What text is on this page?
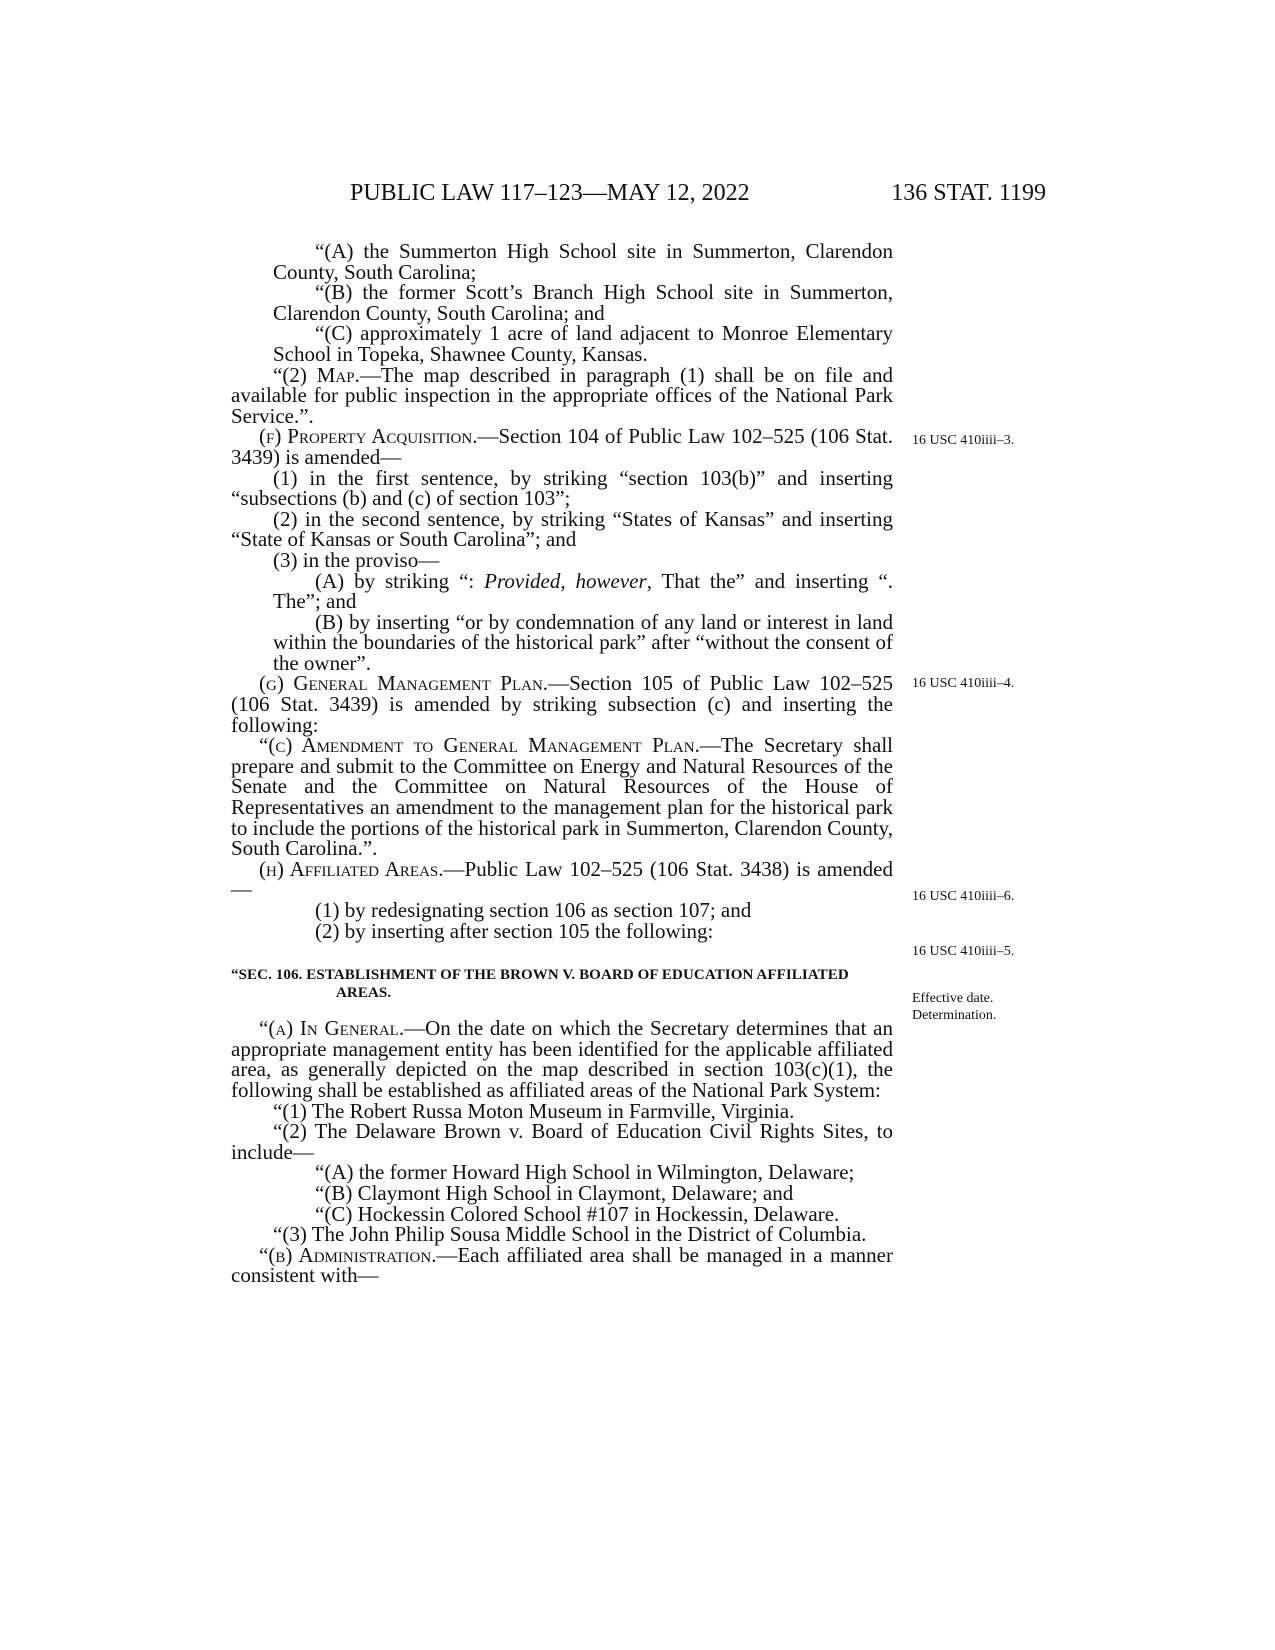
PUBLIC LAW 117–123—MAY 12, 2022	136 STAT. 1199

“(A) the Summerton High School site in Summerton, Clarendon County, South Carolina;

“(B) the former Scott’s Branch High School site in Summerton, Clarendon County, South Carolina; and

“(C) approximately 1 acre of land adjacent to Monroe Elementary School in Topeka, Shawnee County, Kansas.

“(2) Map.—The map described in paragraph (1) shall be on file and available for public inspection in the appropriate offices of the National Park Service.”.

(f) Property Acquisition.—Section 104 of Public Law 102–525 (106 Stat. 3439) is amended—

(1) in the first sentence, by striking “section 103(b)” and inserting “subsections (b) and (c) of section 103”;

(2) in the second sentence, by striking “States of Kansas” and inserting “State of Kansas or South Carolina”; and

(3) in the proviso—

(A) by striking “: Provided, however, That the” and inserting “. The”; and

(B) by inserting “or by condemnation of any land or interest in land within the boundaries of the historical park” after “without the consent of the owner”.

(g) General Management Plan.—Section 105 of Public Law 102–525 (106 Stat. 3439) is amended by striking subsection (c) and inserting the following:

“(c) Amendment to General Management Plan.—The Secretary shall prepare and submit to the Committee on Energy and Natural Resources of the Senate and the Committee on Natural Resources of the House of Representatives an amendment to the management plan for the historical park to include the portions of the historical park in Summerton, Clarendon County, South Carolina.”.

(h) Affiliated Areas.—Public Law 102–525 (106 Stat. 3438) is amended—

(1) by redesignating section 106 as section 107; and

(2) by inserting after section 105 the following:

“SEC. 106. ESTABLISHMENT OF THE BROWN V. BOARD OF EDUCATION AFFILIATED AREAS.

“(a) In General.—On the date on which the Secretary determines that an appropriate management entity has been identified for the applicable affiliated area, as generally depicted on the map described in section 103(c)(1), the following shall be established as affiliated areas of the National Park System:

“(1) The Robert Russa Moton Museum in Farmville, Virginia.

“(2) The Delaware Brown v. Board of Education Civil Rights Sites, to include—

“(A) the former Howard High School in Wilmington, Delaware;

“(B) Claymont High School in Claymont, Delaware; and

“(C) Hockessin Colored School #107 in Hockessin, Delaware.

“(3) The John Philip Sousa Middle School in the District of Columbia.

“(b) Administration.—Each affiliated area shall be managed in a manner consistent with—

16 USC 410iiii–3.
16 USC 410iiii–4.
16 USC 410iiii–6.
16 USC 410iiii–5.
Effective date.
Determination.
